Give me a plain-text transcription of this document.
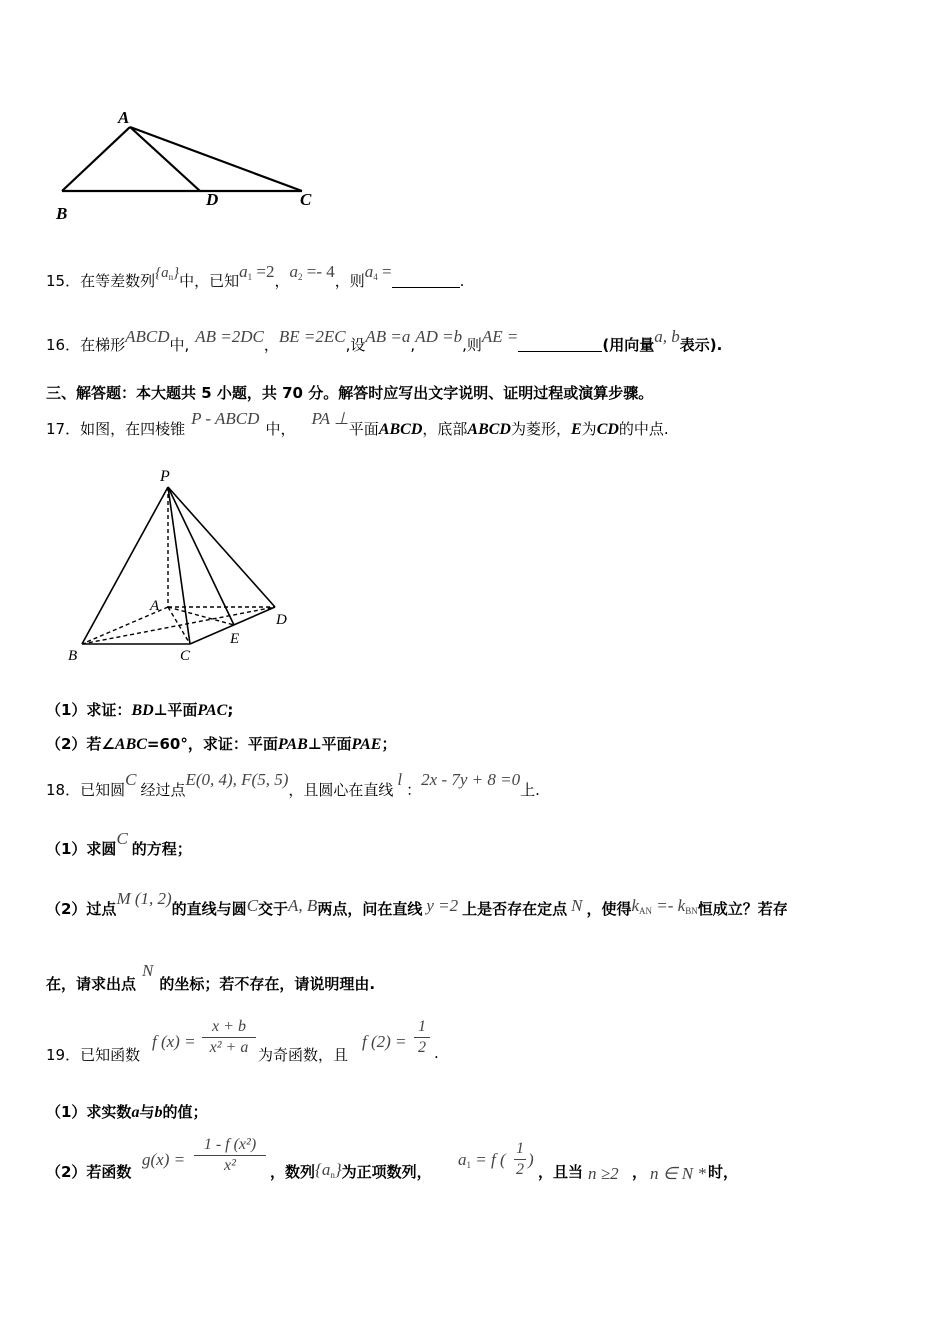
A
B
D	C
15．在等差数列$\{a_n\}$中，已知$a_1 =2$，$a_2 =- 4$，则$a_4$ =	.
16．在梯形ABCD中, AB =2DC，BE =2EC,设AB =a,AD =b,则AE =	(用向量a, b表示).
三、解答题：本大题共 5 小题，共 70 分。解答时应写出文字说明、证明过程或演算步骤。
17．如图，在四棱锥P - ABCD中，PA ⊥平面ABCD，底部ABCD为菱形，E为CD的中点.
P
A
B	C
E
D
（1）求证：BD⊥平面PAC;
（2）若∠ABC=60°，求证：平面PAB⊥平面PAE；
18．已知圆C经过点E(0, 4), F(5, 5)，且圆心在直线l：2x - 7y + 8 =0上.
（1）求圆C的方程；
（2）过点M (1, 2)的直线与圆C交于A, B两点，问在直线 y =2 上是否存在定点 N ，使得$k_{AN} =- k_{BN}$恒成立？若存
在，请求出点N的坐标；若不存在，请说明理由.
19．已知函数
f (x) =
x + b
x² + a 为奇函数，且
f (2) =
1
2 .
（1）求实数a与b的值；
（2）若函数
g(x) =
1 - f (x²)
x²	，数列$\{a_n\}$为正项数列，
$a_1 = f$ (
1
2
)
，且当 n ≥2 ， n ∈ N * 时，
